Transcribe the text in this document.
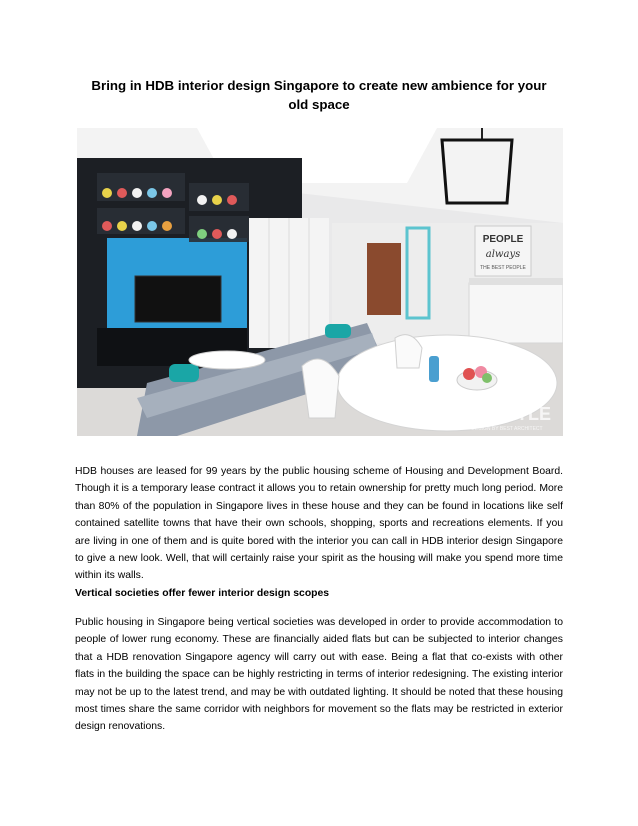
Bring in HDB interior design Singapore to create new ambience for your old space
PEOPLE
always
THE BEST PEOPLE
BE STYLE
DESIGN BY BEST ARCHITECT

HDB houses are leased for 99 years by the public housing scheme of Housing and Development Board. Though it is a temporary lease contract it allows you to retain ownership for pretty much long period. More than 80% of the population in Singapore lives in these house and they can be found in locations like self contained satellite towns that have their own schools, shopping, sports and recreations elements. If you are living in one of them and is quite bored with the interior you can call in HDB interior design Singapore to give a new look. Well, that will certainly raise your spirit as the housing will make you spend more time within its walls.

Vertical societies offer fewer interior design scopes

Public housing in Singapore being vertical societies was developed in order to provide accommodation to people of lower rung economy. These are financially aided flats but can be subjected to interior changes that a HDB renovation Singapore agency will carry out with ease. Being a flat that co-exists with other flats in the building the space can be highly restricting in terms of interior redesigning. The existing interior may not be up to the latest trend, and may be with outdated lighting. It should be noted that these housing most times share the same corridor with neighbors for movement so the flats may be restricted in exterior design renovations.
